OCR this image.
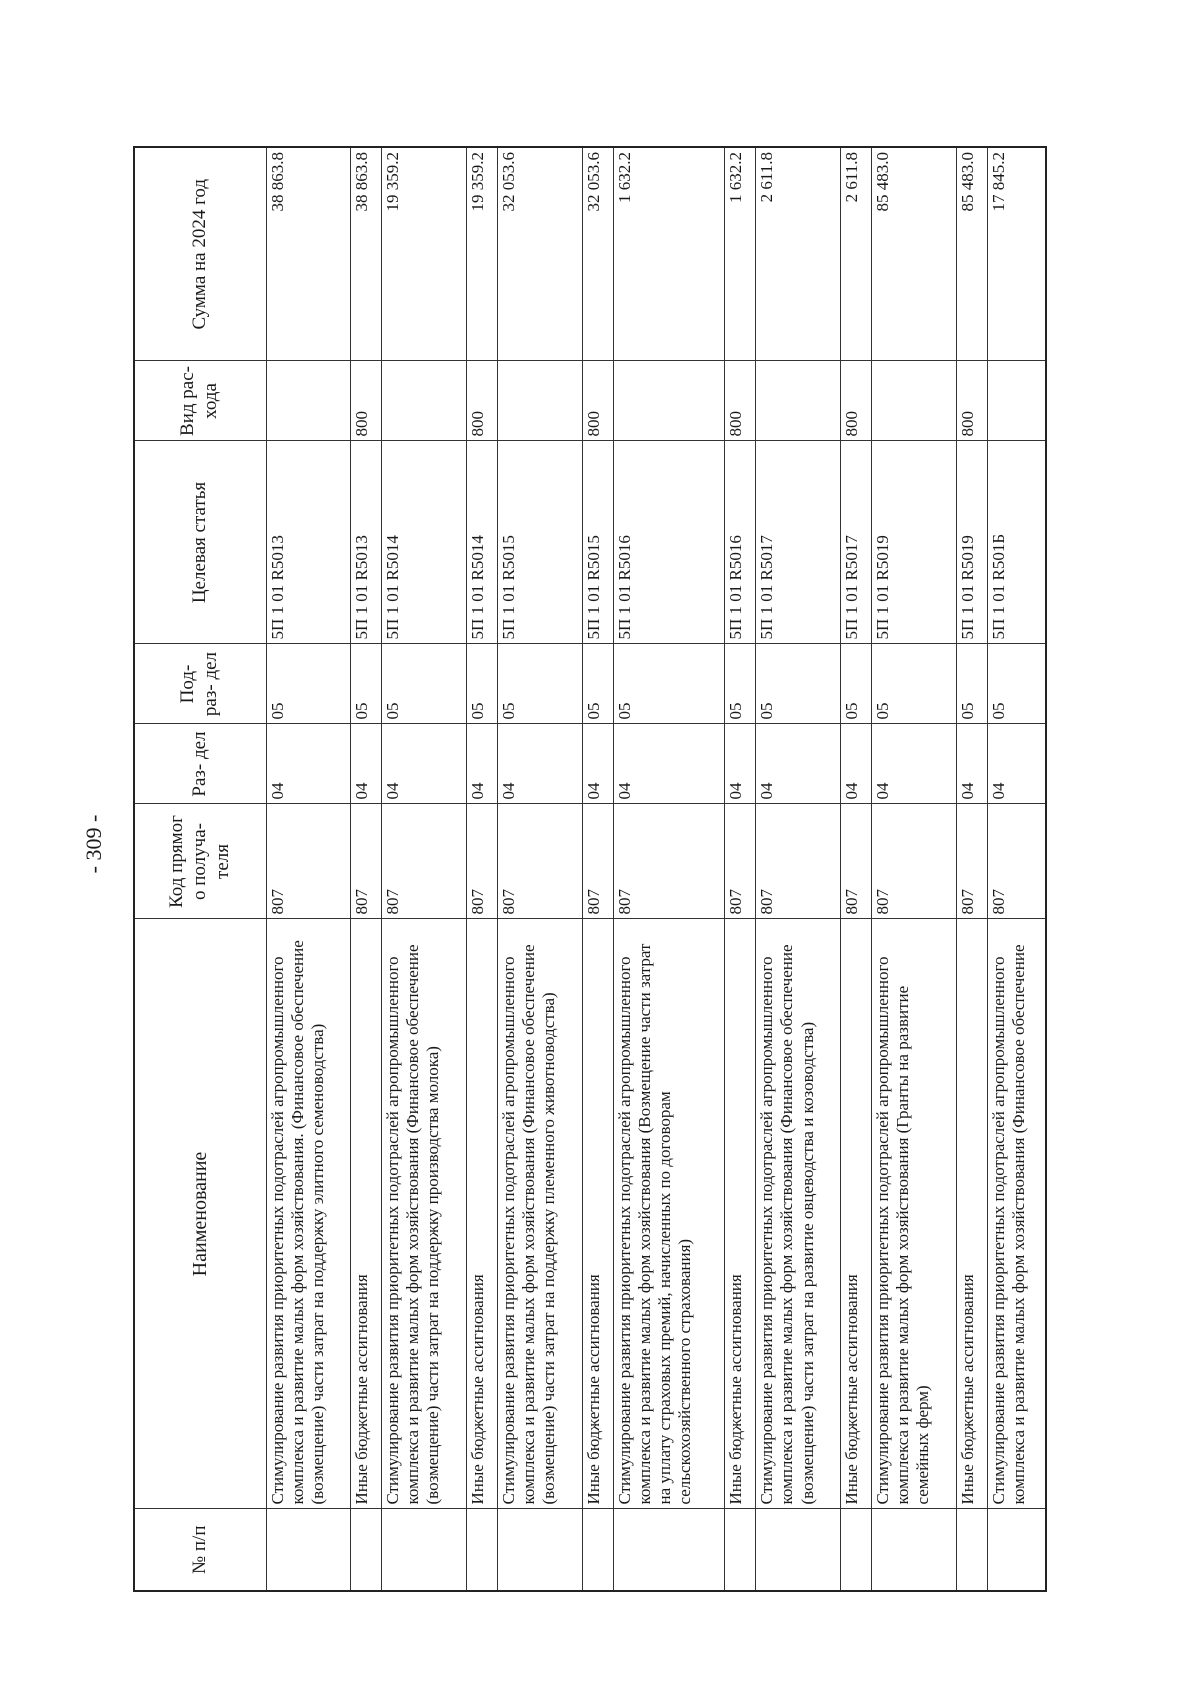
- 309 -
№ п/п	Наименование	Код прямог о получа- теля	Раз- дел	Под- раз- дел	Целевая статья	Вид рас- хода	Сумма на 2024 год
	Стимулирование развития приоритетных подотраслей агропромышленного комплекса и развитие малых форм хозяйствования. (Финансовое обеспечение (возмещение) части затрат на поддержку элитного семеноводства)	807	04	05	5П 1 01 R5013		38 863.8
	Иные бюджетные ассигнования	807	04	05	5П 1 01 R5013	800	38 863.8
	Стимулирование развития приоритетных подотраслей агропромышленного комплекса и развитие малых форм хозяйствования (Финансовое обеспечение (возмещение) части затрат на поддержку производства молока)	807	04	05	5П 1 01 R5014		19 359.2
	Иные бюджетные ассигнования	807	04	05	5П 1 01 R5014	800	19 359.2
	Стимулирование развития приоритетных подотраслей агропромышленного комплекса и развитие малых форм хозяйствования (Финансовое обеспечение (возмещение) части затрат на поддержку племенного животноводства)	807	04	05	5П 1 01 R5015		32 053.6
	Иные бюджетные ассигнования	807	04	05	5П 1 01 R5015	800	32 053.6
	Стимулирование развития приоритетных подотраслей агропромышленного комплекса и развитие малых форм хозяйствования (Возмещение части затрат на уплату страховых премий, начисленных по договорам сельскохозяйственного страхования)	807	04	05	5П 1 01 R5016		1 632.2
	Иные бюджетные ассигнования	807	04	05	5П 1 01 R5016	800	1 632.2
	Стимулирование развития приоритетных подотраслей агропромышленного комплекса и развитие малых форм хозяйствования (Финансовое обеспечение (возмещение) части затрат на развитие овцеводства и козоводства)	807	04	05	5П 1 01 R5017		2 611.8
	Иные бюджетные ассигнования	807	04	05	5П 1 01 R5017	800	2 611.8
	Стимулирование развития приоритетных подотраслей агропромышленного комплекса и развитие малых форм хозяйствования (Гранты на развитие семейных ферм)	807	04	05	5П 1 01 R5019		85 483.0
	Иные бюджетные ассигнования	807	04	05	5П 1 01 R5019	800	85 483.0
	Стимулирование развития приоритетных подотраслей агропромышленного комплекса и развитие малых форм хозяйствования (Финансовое обеспечение	807	04	05	5П 1 01 R501Б		17 845.2
